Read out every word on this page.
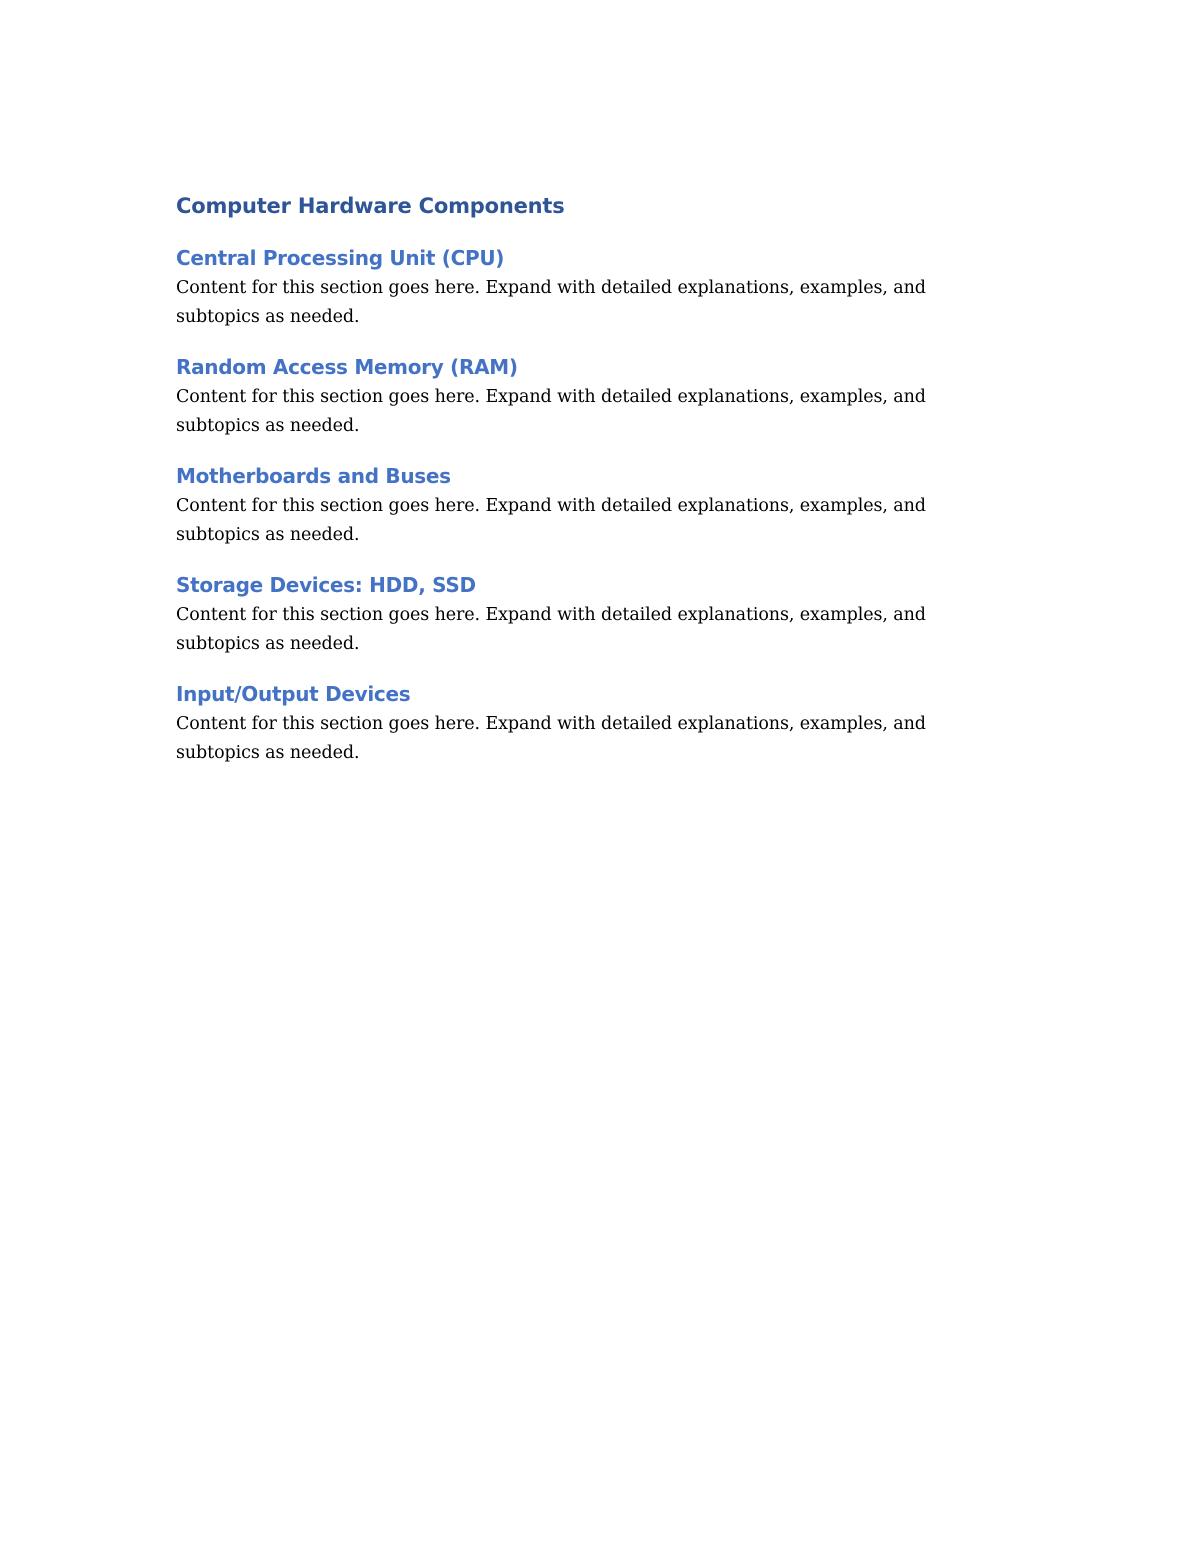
Computer Hardware Components
Central Processing Unit (CPU)

Content for this section goes here. Expand with detailed explanations, examples, and subtopics as needed.

Random Access Memory (RAM)

Content for this section goes here. Expand with detailed explanations, examples, and subtopics as needed.

Motherboards and Buses

Content for this section goes here. Expand with detailed explanations, examples, and subtopics as needed.

Storage Devices: HDD, SSD

Content for this section goes here. Expand with detailed explanations, examples, and subtopics as needed.

Input/Output Devices

Content for this section goes here. Expand with detailed explanations, examples, and subtopics as needed.
